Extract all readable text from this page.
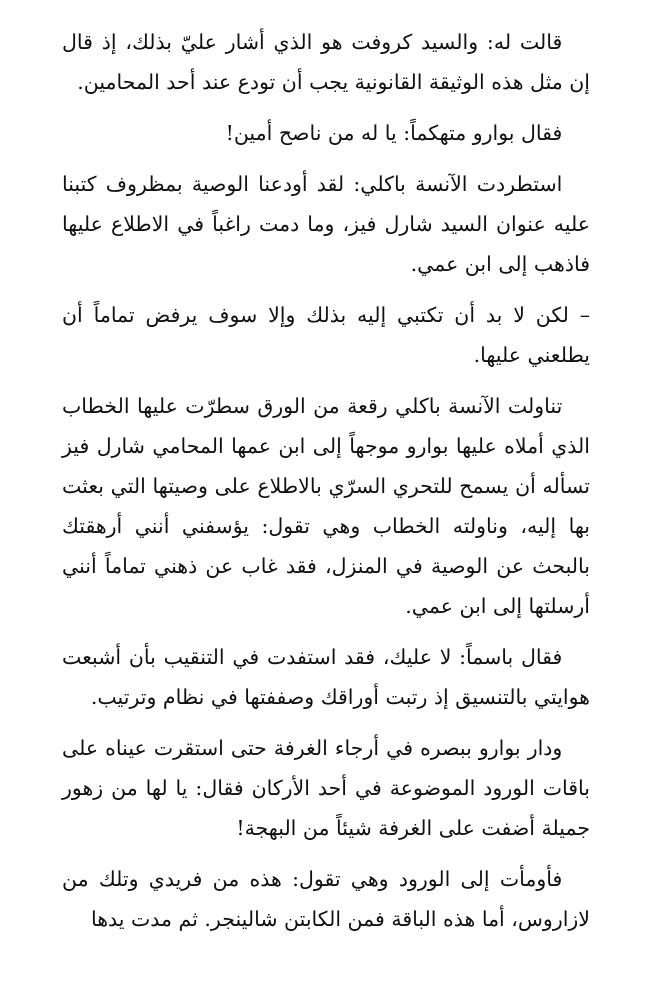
قالت له: والسيد كروفت هو الذي أشار عليّ بذلك، إذ قال إن مثل هذه الوثيقة القانونية يجب أن تودع عند أحد المحامين.

فقال بوارو متهكماً: يا له من ناصح أمين!

استطردت الآنسة باكلي: لقد أودعنا الوصية بمظروف كتبنا عليه عنوان السيد شارل فيز، وما دمت راغباً في الاطلاع عليها فاذهب إلى ابن عمي.

– لكن لا بد أن تكتبي إليه بذلك وإلا سوف يرفض تماماً أن يطلعني عليها.

تناولت الآنسة باكلي رقعة من الورق سطرّت عليها الخطاب الذي أملاه عليها بوارو موجهاً إلى ابن عمها المحامي شارل فيز تسأله أن يسمح للتحري السرّي بالاطلاع على وصيتها التي بعثت بها إليه، وناولته الخطاب وهي تقول: يؤسفني أنني أرهقتك بالبحث عن الوصية في المنزل، فقد غاب عن ذهني تماماً أنني أرسلتها إلى ابن عمي.

فقال باسماً: لا عليك، فقد استفدت في التنقيب بأن أشبعت هوايتي بالتنسيق إذ رتبت أوراقك وصففتها في نظام وترتيب.

ودار بوارو ببصره في أرجاء الغرفة حتى استقرت عيناه على باقات الورود الموضوعة في أحد الأركان فقال: يا لها من زهور جميلة أضفت على الغرفة شيئاً من البهجة!

فأومأت إلى الورود وهي تقول: هذه من فريدي وتلك من لازاروس، أما هذه الباقة فمن الكابتن شالينجر. ثم مدت يدها
